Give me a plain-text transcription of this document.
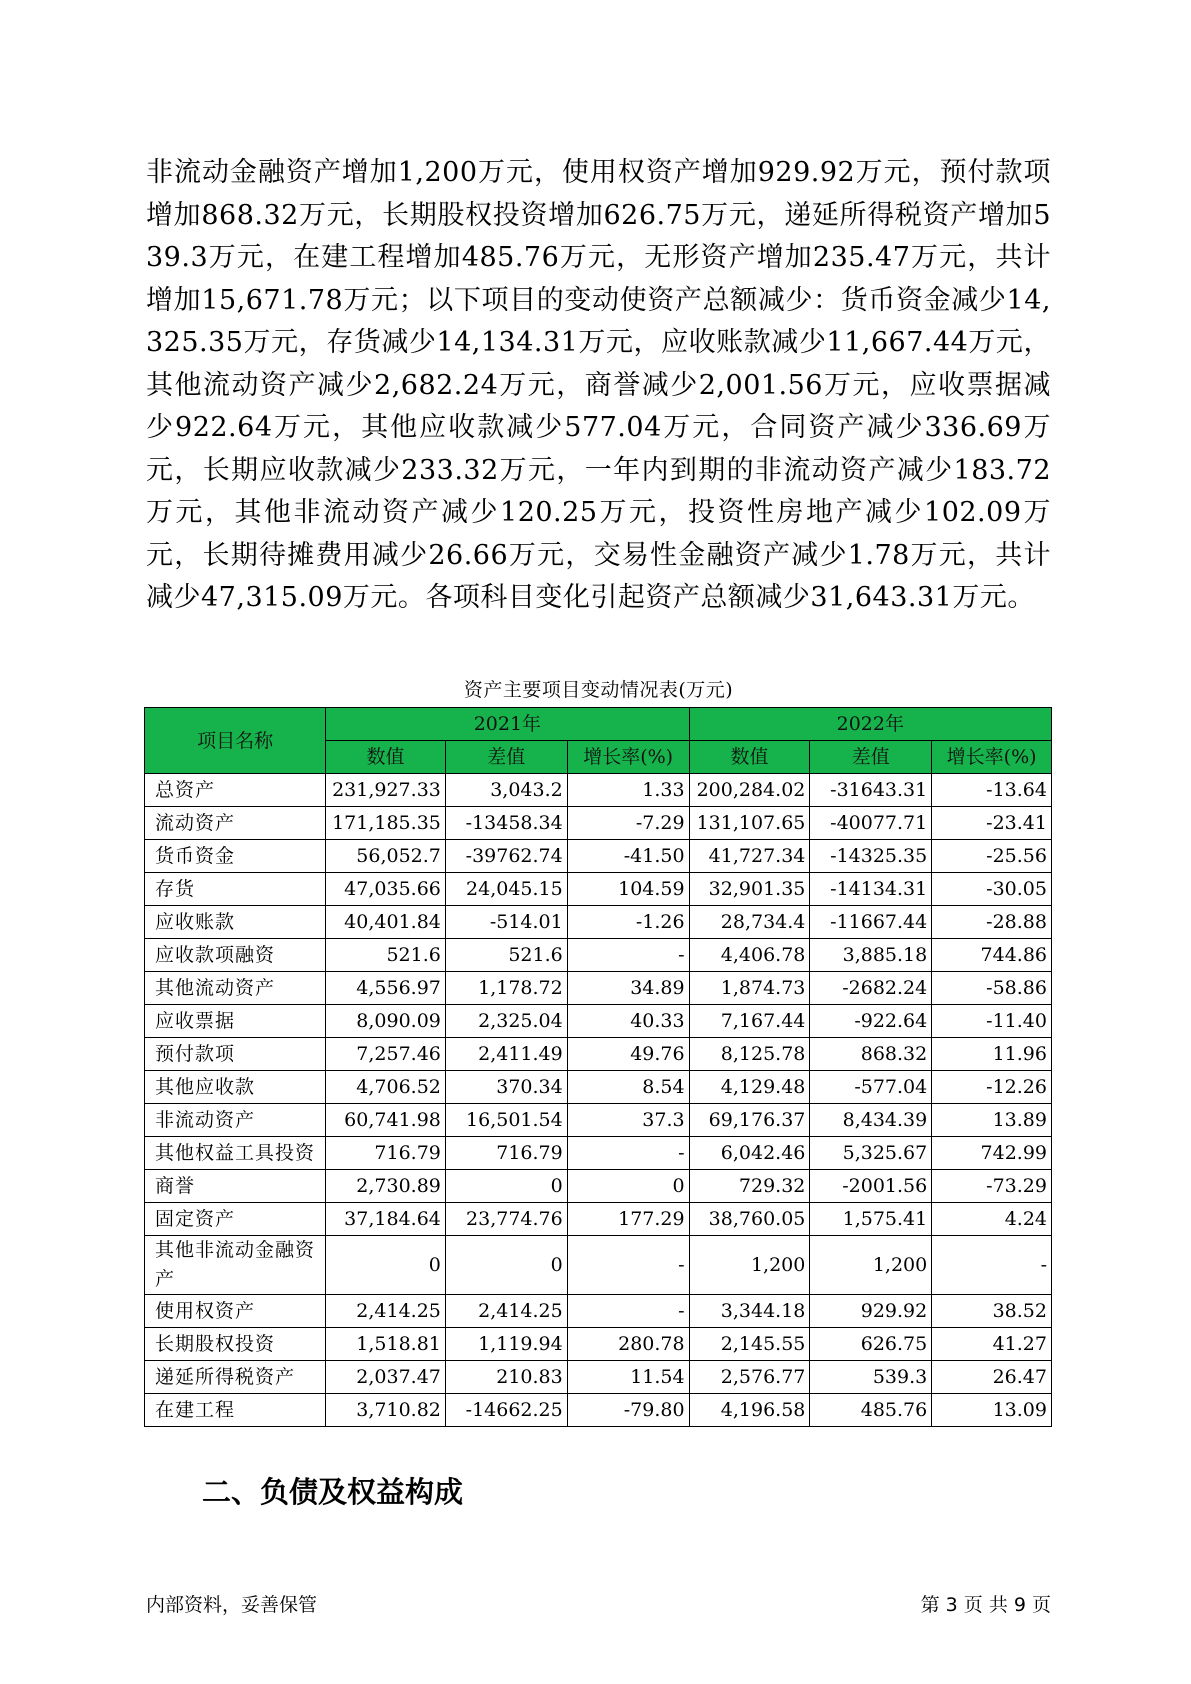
非流动金融资产增加1,200万元，使用权资产增加929.92万元，预付款项增加868.32万元，长期股权投资增加626.75万元，递延所得税资产增加539.3万元，在建工程增加485.76万元，无形资产增加235.47万元，共计增加15,671.78万元；以下项目的变动使资产总额减少：货币资金减少14,325.35万元，存货减少14,134.31万元，应收账款减少11,667.44万元，其他流动资产减少2,682.24万元，商誉减少2,001.56万元，应收票据减少922.64万元，其他应收款减少577.04万元，合同资产减少336.69万元，长期应收款减少233.32万元，一年内到期的非流动资产减少183.72万元，其他非流动资产减少120.25万元，投资性房地产减少102.09万元，长期待摊费用减少26.66万元，交易性金融资产减少1.78万元，共计减少47,315.09万元。各项科目变化引起资产总额减少31,643.31万元。

资产主要项目变动情况表(万元)
项目名称	2021年			2022年		
	数值	差值	增长率(%)	数值	差值	增长率(%)
总资产	231,927.33	3,043.2	1.33	200,284.02	-31643.31	-13.64
流动资产	171,185.35	-13458.34	-7.29	131,107.65	-40077.71	-23.41
货币资金	56,052.7	-39762.74	-41.50	41,727.34	-14325.35	-25.56
存货	47,035.66	24,045.15	104.59	32,901.35	-14134.31	-30.05
应收账款	40,401.84	-514.01	-1.26	28,734.4	-11667.44	-28.88
应收款项融资	521.6	521.6	-	4,406.78	3,885.18	744.86
其他流动资产	4,556.97	1,178.72	34.89	1,874.73	-2682.24	-58.86
应收票据	8,090.09	2,325.04	40.33	7,167.44	-922.64	-11.40
预付款项	7,257.46	2,411.49	49.76	8,125.78	868.32	11.96
其他应收款	4,706.52	370.34	8.54	4,129.48	-577.04	-12.26
非流动资产	60,741.98	16,501.54	37.3	69,176.37	8,434.39	13.89
其他权益工具投资	716.79	716.79	-	6,042.46	5,325.67	742.99
商誉	2,730.89	0	0	729.32	-2001.56	-73.29
固定资产	37,184.64	23,774.76	177.29	38,760.05	1,575.41	4.24
其他非流动金融资产	0	0	-	1,200	1,200	-
使用权资产	2,414.25	2,414.25	-	3,344.18	929.92	38.52
长期股权投资	1,518.81	1,119.94	280.78	2,145.55	626.75	41.27
递延所得税资产	2,037.47	210.83	11.54	2,576.77	539.3	26.47
在建工程	3,710.82	-14662.25	-79.80	4,196.58	485.76	13.09
二、负债及权益构成
内部资料，妥善保管	第 3 页 共 9 页
